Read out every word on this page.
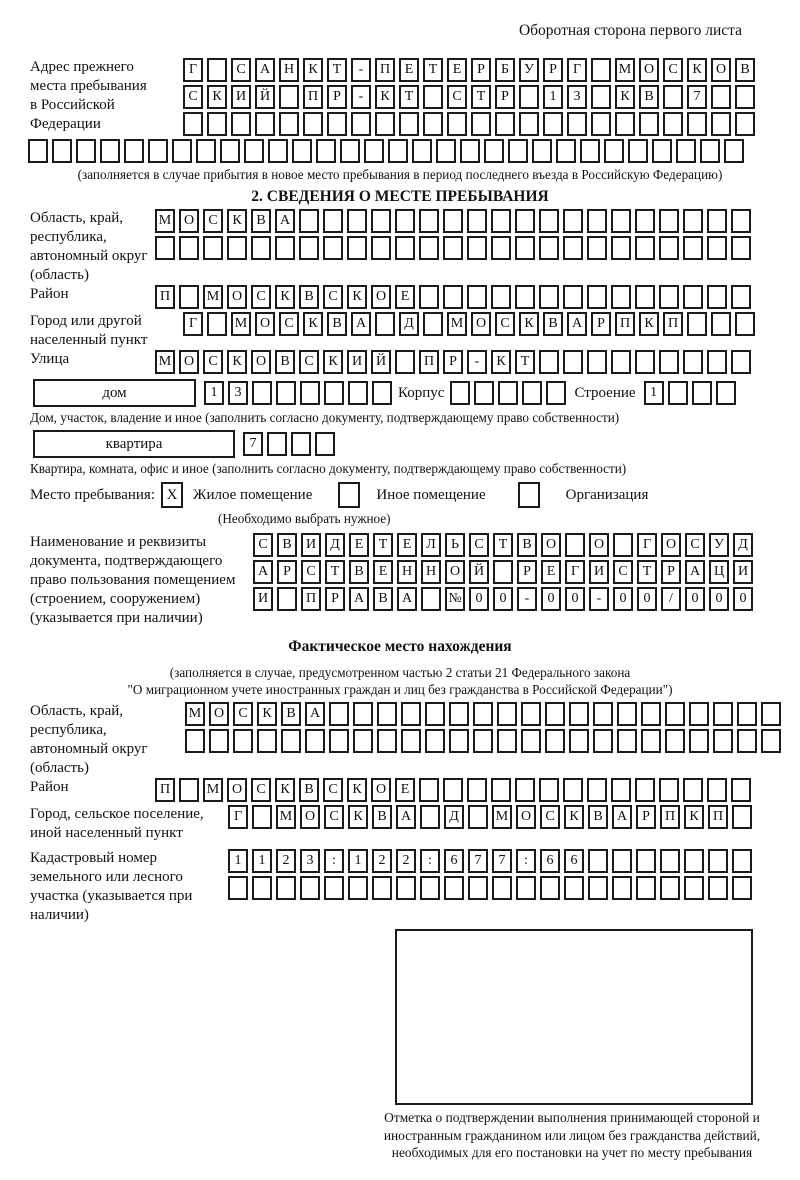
Оборотная сторона первого листа
Адрес прежнего места пребывания в Российской Федерации
Г	С А Н К Т - П Е Т Е Р Б У Р Г	М О С К О В
С К И Й	П Р - К Т	С Т Р	1 3	К В	7
(заполняется в случае прибытия в новое место пребывания в период последнего въезда в Российскую Федерацию)
2. СВЕДЕНИЯ О МЕСТЕ ПРЕБЫВАНИЯ
Область, край, республика, автономный округ (область)
М О С К В А
Район	П	М О С К В С К О Е
Город или другой населенный пункт
Г	М О С К В А	Д	М О С К В А Р П К П
Улица	М О С К О В С К И Й	П Р - К Т
дом	1 3	Корпус	Строение	1
Дом, участок, владение и иное (заполнить согласно документу, подтверждающему право собственности)
квартира	7
Квартира, комната, офис и иное (заполнить согласно документу, подтверждающему право собственности)
Место пребывания: X	Жилое помещение	Иное помещение	Организация
(Необходимо выбрать нужное)
Наименование и реквизиты документа, подтверждающего право пользования помещением (строением, сооружением) (указывается при наличии)
С В И Д Е Т Е Л Ь С Т В О	О	Г О С У Д
А Р С Т В Е Н Н О Й	Р Е Г И С Т Р А Ц И
И	П Р А В А	№ 0 0 - 0 0 - 0 0 / 0 0 0
Фактическое место нахождения
(заполняется в случае, предусмотренном частью 2 статьи 21 Федерального закона
"О миграционном учете иностранных граждан и лиц без гражданства в Российской Федерации")
Область, край, республика, автономный округ (область)
М О С К В А
Район	П	М О С К В С К О Е
Город, сельское поселение, иной населенный пункт
Г	М О С К В А	Д	М О С К В А Р П К П
Кадастровый номер земельного или лесного участка (указывается при наличии)
1 1 2 3 : 1 2 2 : 6 7 7 : 6 6
Отметка о подтверждении выполнения принимающей стороной и иностранным гражданином или лицом без гражданства действий, необходимых для его постановки на учет по месту пребывания
